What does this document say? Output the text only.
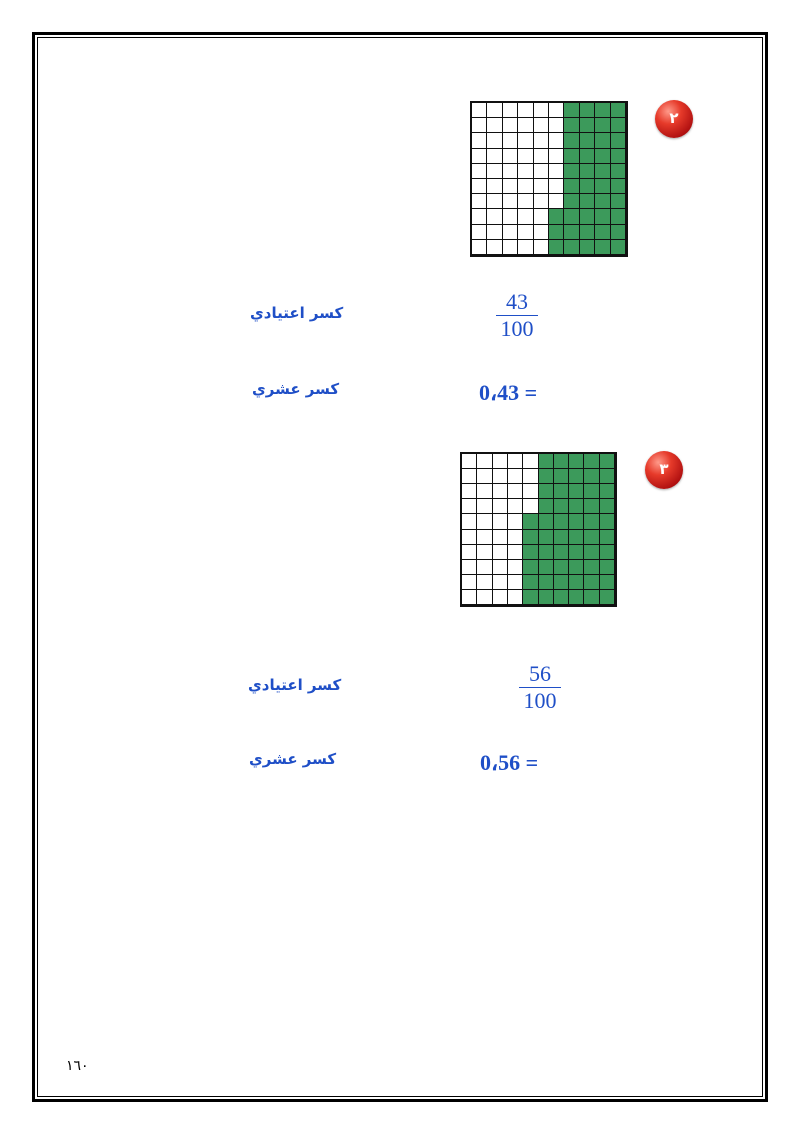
٢
43
100
كسر اعتيادي
0،43 =
كسر عشري
٣
56
100
كسر اعتيادي
0،56 =
كسر عشري
١٦٠
